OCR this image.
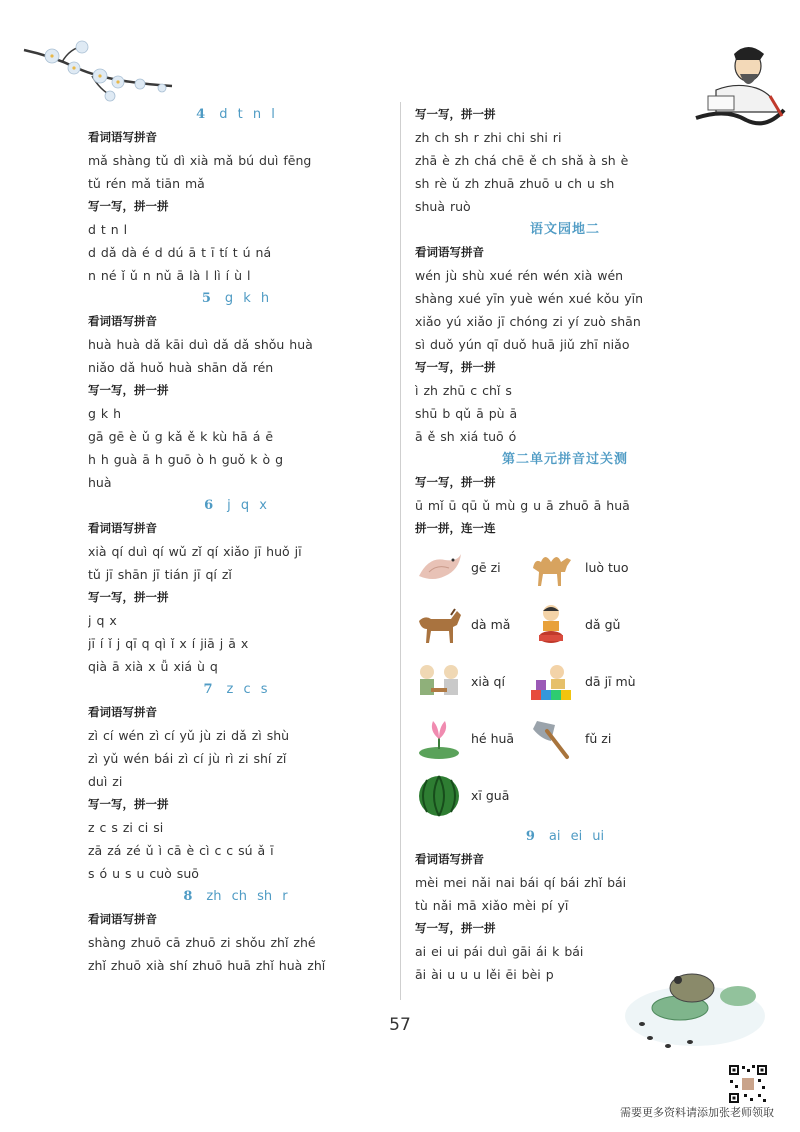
4 d t n l
看词语写拼音
mǎ shàng tǔ dì xià mǎ bú duì fēng
tǔ rén mǎ tiān mǎ
写一写，拼一拼
d t n l
d dǎ dà é d dú ā t ī tí t ú ná
n né ǐ ǔ n nǔ ā là l lì í ù l
5 g k h
看词语写拼音
huà huà dǎ kāi duì dǎ dǎ shǒu huà
niǎo dǎ huǒ huà shān dǎ rén
写一写，拼一拼
g k h
gā gē è ǔ g kǎ ě k kù hā á ē
h h guà ā h guō ò h guǒ k ò g
huà
6 j q x
看词语写拼音
xià qí duì qí wǔ zǐ qí xiǎo jī huǒ jī
tǔ jī shān jī tián jī qí zǐ
写一写，拼一拼
j q x
jī í ǐ j qī q qì ǐ x í jiā j ā x
qià ā xià x ǚ xiá ù q
7 z c s
看词语写拼音
zì cí wén zì cí yǔ jù zi dǎ zì shù
zì yǔ wén bái zì cí jù rì zi shí zǐ
duì zi
写一写，拼一拼
z c s zi ci si
zā zá zé ǔ ì cā è cì c c sú ǎ ī
s ó u s u cuò suō
8 zh ch sh r
看词语写拼音
shàng zhuō cā zhuō zi shǒu zhǐ zhé
zhǐ zhuō xià shí zhuō huā zhǐ huà zhǐ
写一写，拼一拼
zh ch sh r zhi chi shi ri
zhā è zh chá chē ě ch shǎ à sh è
sh rè ǔ zh zhuā zhuō u ch u sh
shuà ruò
语文园地二
看词语写拼音
wén jù shù xué rén wén xià wén
shàng xué yīn yuè wén xué kǒu yīn
xiǎo yú xiǎo jī chóng zi yí zuò shān
sì duǒ yún qī duǒ huā jiǔ zhī niǎo
写一写，拼一拼
ì zh zhū c chǐ s
shū b qǔ ā pù ā
ā ě sh xiá tuō ó
第二单元拼音过关测
写一写，拼一拼
ū mǐ ū qū ǔ mù g u ā zhuō ā huā
拼一拼，连一连
gē zi	luò tuo
dà mǎ	dǎ gǔ
xià qí	dā jī mù
hé huā	fǔ zi
xī guā
9 ai ei ui
看词语写拼音
mèi mei nǎi nai bái qí bái zhǐ bái
tù nǎi mā xiǎo mèi pí yī
写一写，拼一拼
ai ei ui pái duì gāi ái k bái
āi ài u u u lěi ēi bèi p
57
需要更多资料请添加张老师领取
